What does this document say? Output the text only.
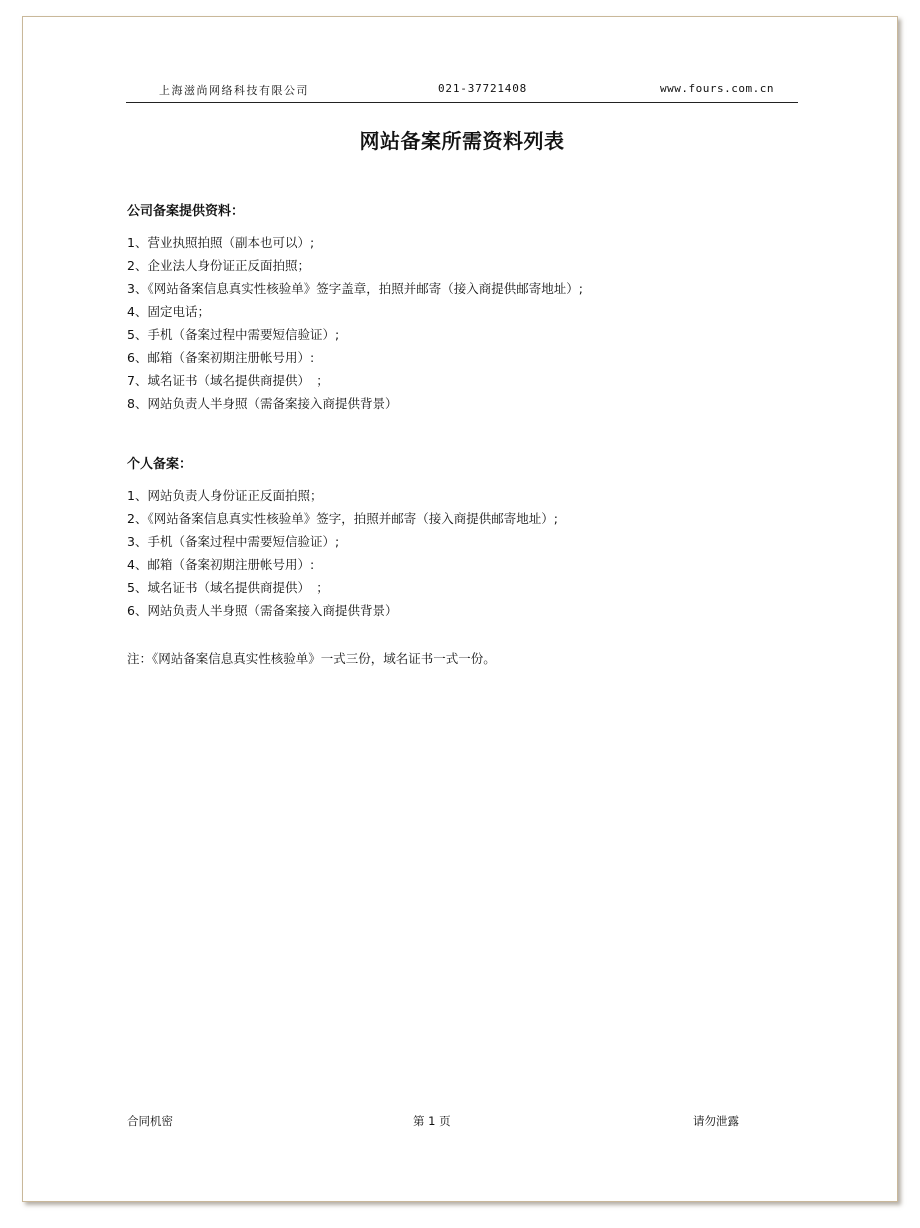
上海滋尚网络科技有限公司	021-37721408	www.fours.com.cn
网站备案所需资料列表
公司备案提供资料：
1、营业执照拍照（副本也可以）;
2、企业法人身份证正反面拍照；
3、《网站备案信息真实性核验单》签字盖章，拍照并邮寄（接入商提供邮寄地址）;
4、固定电话；
5、手机（备案过程中需要短信验证）;
6、邮箱（备案初期注册帐号用）:
7、域名证书（域名提供商提供）　；
8、网站负责人半身照（需备案接入商提供背景）
个人备案：
1、网站负责人身份证正反面拍照；
2、《网站备案信息真实性核验单》签字，拍照并邮寄（接入商提供邮寄地址）;
3、手机（备案过程中需要短信验证）;
4、邮箱（备案初期注册帐号用）:
5、域名证书（域名提供商提供）　；
6、网站负责人半身照（需备案接入商提供背景）
注：《网站备案信息真实性核验单》一式三份，域名证书一式一份。
合同机密	第 1 页	请勿泄露
